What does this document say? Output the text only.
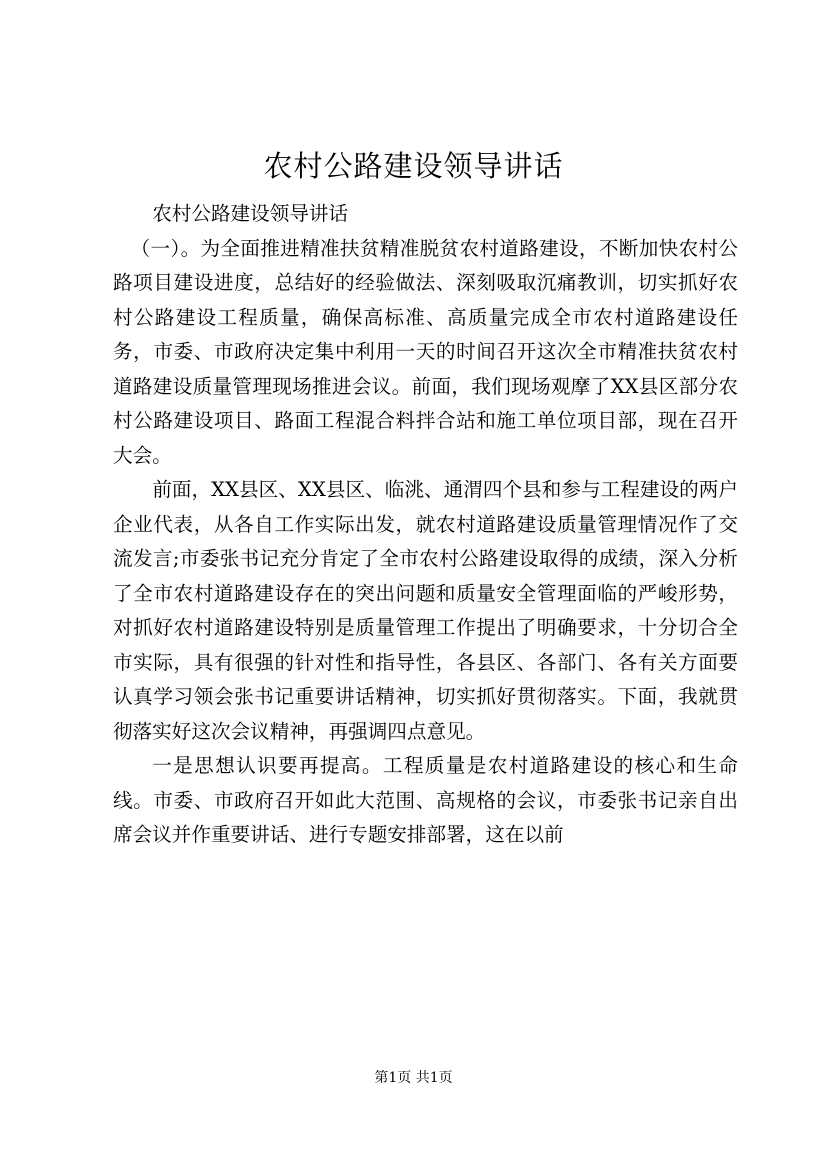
农村公路建设领导讲话

农村公路建设领导讲话

（一）。为全面推进精准扶贫精准脱贫农村道路建设，不断加快农村公路项目建设进度，总结好的经验做法、深刻吸取沉痛教训，切实抓好农村公路建设工程质量，确保高标准、高质量完成全市农村道路建设任务，市委、市政府决定集中利用一天的时间召开这次全市精准扶贫农村道路建设质量管理现场推进会议。前面，我们现场观摩了XX县区部分农村公路建设项目、路面工程混合料拌合站和施工单位项目部，现在召开大会。

前面，XX县区、XX县区、临洮、通渭四个县和参与工程建设的两户企业代表，从各自工作实际出发，就农村道路建设质量管理情况作了交流发言;市委张书记充分肯定了全市农村公路建设取得的成绩，深入分析了全市农村道路建设存在的突出问题和质量安全管理面临的严峻形势，对抓好农村道路建设特别是质量管理工作提出了明确要求，十分切合全市实际，具有很强的针对性和指导性，各县区、各部门、各有关方面要认真学习领会张书记重要讲话精神，切实抓好贯彻落实。下面，我就贯彻落实好这次会议精神，再强调四点意见。

一是思想认识要再提高。工程质量是农村道路建设的核心和生命线。市委、市政府召开如此大范围、高规格的会议，市委张书记亲自出席会议并作重要讲话、进行专题安排部署，这在以前

第1页 共1页
